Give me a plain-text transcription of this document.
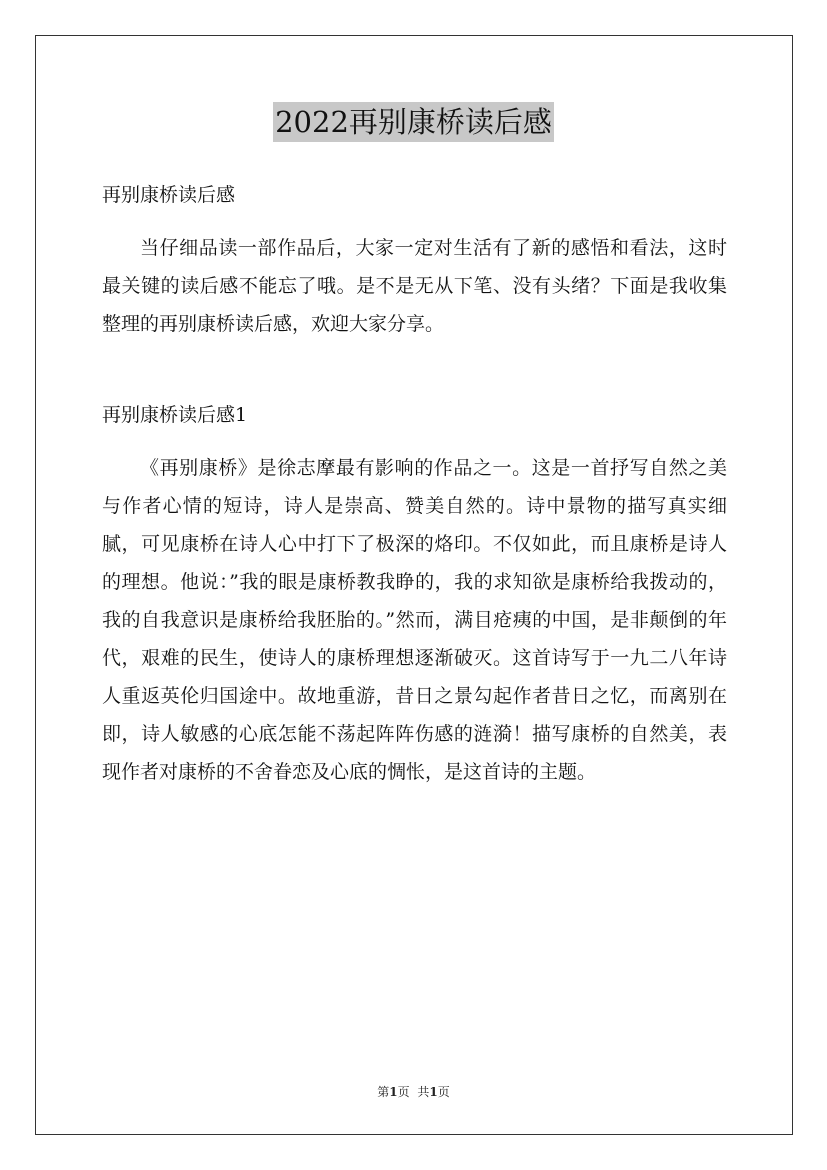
2022再别康桥读后感

再别康桥读后感

当仔细品读一部作品后，大家一定对生活有了新的感悟和看法，这时最关键的读后感不能忘了哦。是不是无从下笔、没有头绪？下面是我收集整理的再别康桥读后感，欢迎大家分享。

再别康桥读后感1

《再别康桥》是徐志摩最有影响的作品之一。这是一首抒写自然之美与作者心情的短诗，诗人是崇高、赞美自然的。诗中景物的描写真实细腻，可见康桥在诗人心中打下了极深的烙印。不仅如此，而且康桥是诗人的理想。他说：”我的眼是康桥教我睁的，我的求知欲是康桥给我拨动的，我的自我意识是康桥给我胚胎的。”然而，满目疮痍的中国，是非颠倒的年代，艰难的民生，使诗人的康桥理想逐渐破灭。这首诗写于一九二八年诗人重返英伦归国途中。故地重游，昔日之景勾起作者昔日之忆，而离别在即，诗人敏感的心底怎能不荡起阵阵伤感的涟漪！描写康桥的自然美，表现作者对康桥的不舍眷恋及心底的惆怅，是这首诗的主题。

第1页 共1页
